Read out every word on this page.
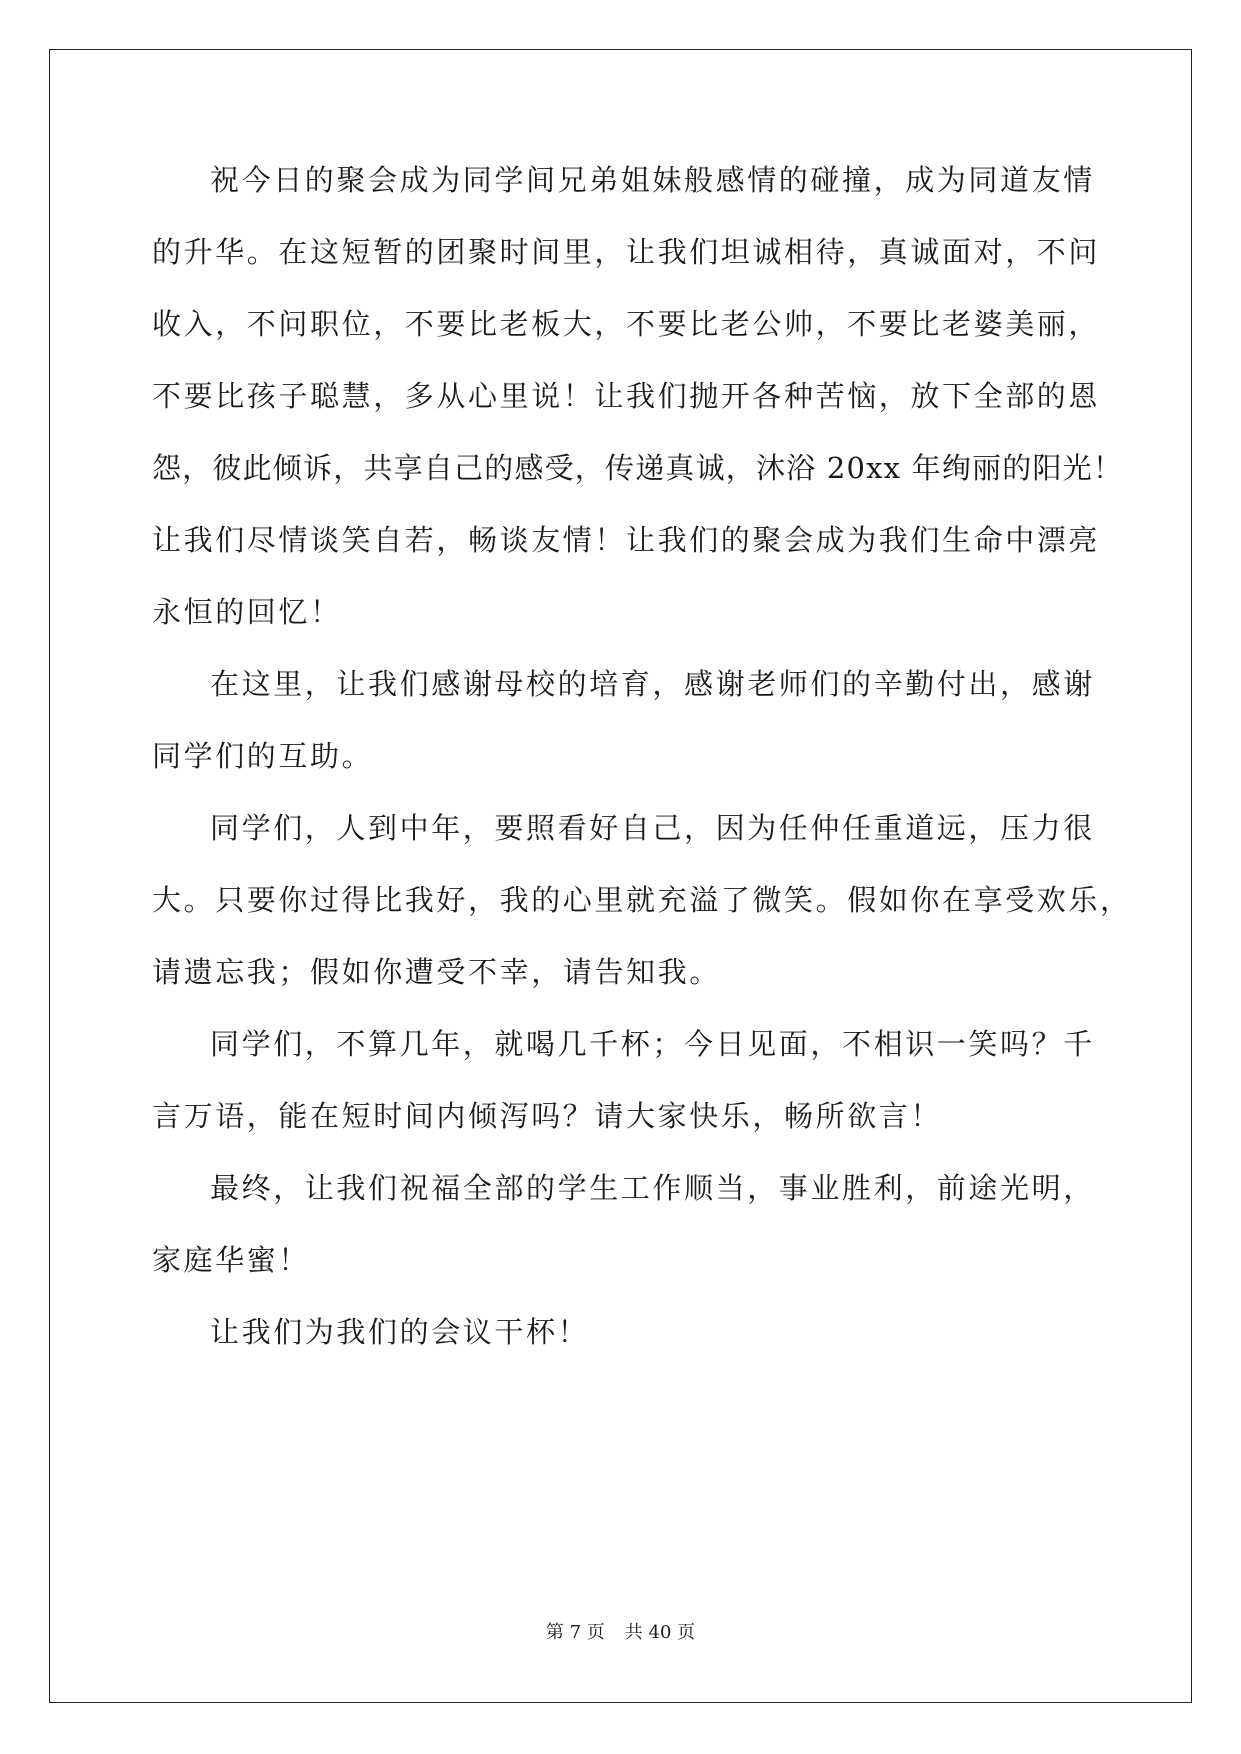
祝今日的聚会成为同学间兄弟姐妹般感情的碰撞，成为同道友情
的升华。在这短暂的团聚时间里，让我们坦诚相待，真诚面对，不问
收入，不问职位，不要比老板大，不要比老公帅，不要比老婆美丽，
不要比孩子聪慧，多从心里说！让我们抛开各种苦恼，放下全部的恩
怨，彼此倾诉，共享自己的感受，传递真诚，沐浴 20xx 年绚丽的阳光！
让我们尽情谈笑自若，畅谈友情！让我们的聚会成为我们生命中漂亮
永恒的回忆！
在这里，让我们感谢母校的培育，感谢老师们的辛勤付出，感谢
同学们的互助。
同学们，人到中年，要照看好自己，因为任仲任重道远，压力很
大。只要你过得比我好，我的心里就充溢了微笑。假如你在享受欢乐，
请遗忘我；假如你遭受不幸，请告知我。
同学们，不算几年，就喝几千杯；今日见面，不相识一笑吗？千
言万语，能在短时间内倾泻吗？请大家快乐，畅所欲言！
最终，让我们祝福全部的学生工作顺当，事业胜利，前途光明，
家庭华蜜！
让我们为我们的会议干杯！
第 7 页 共 40 页
